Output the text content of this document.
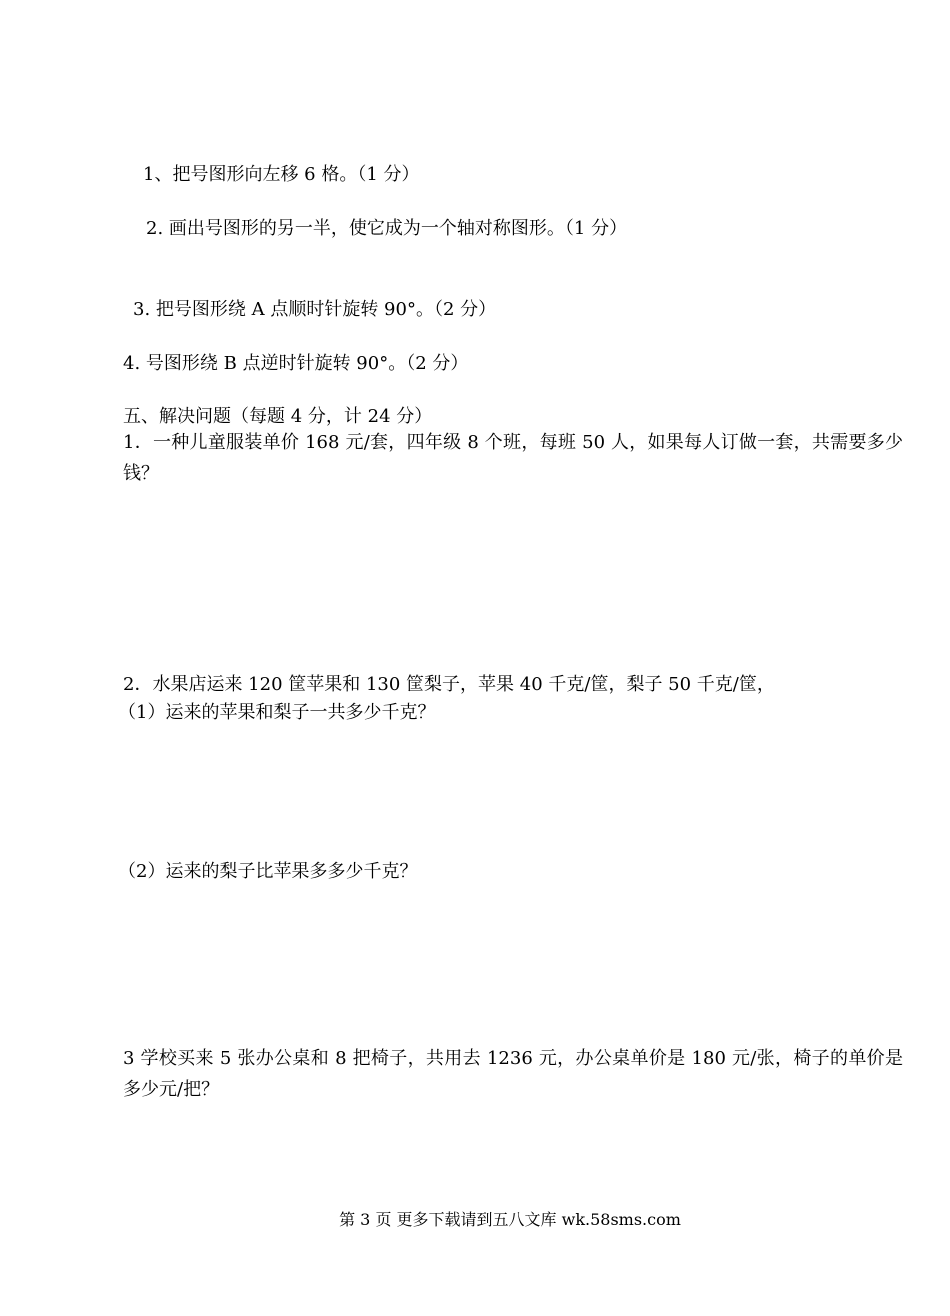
1、把号图形向左移 6 格。（1 分）
2. 画出号图形的另一半，使它成为一个轴对称图形。（1 分）
3. 把号图形绕 A 点顺时针旋转 90°。（2 分）
4. 号图形绕 B 点逆时针旋转 90°。（2 分）
五、解决问题（每题 4 分，计 24 分）
1．一种儿童服装单价 168 元/套，四年级 8 个班，每班 50 人，如果每人订做一套，共需要多少钱？
2．水果店运来 120 筐苹果和 130 筐梨子，苹果 40 千克/筐，梨子 50 千克/筐，
（1）运来的苹果和梨子一共多少千克？
（2）运来的梨子比苹果多多少千克？
3 学校买来 5 张办公桌和 8 把椅子，共用去 1236 元，办公桌单价是 180 元/张，椅子的单价是多少元/把？
第 3 页 更多下载请到五八文库 wk.58sms.com
